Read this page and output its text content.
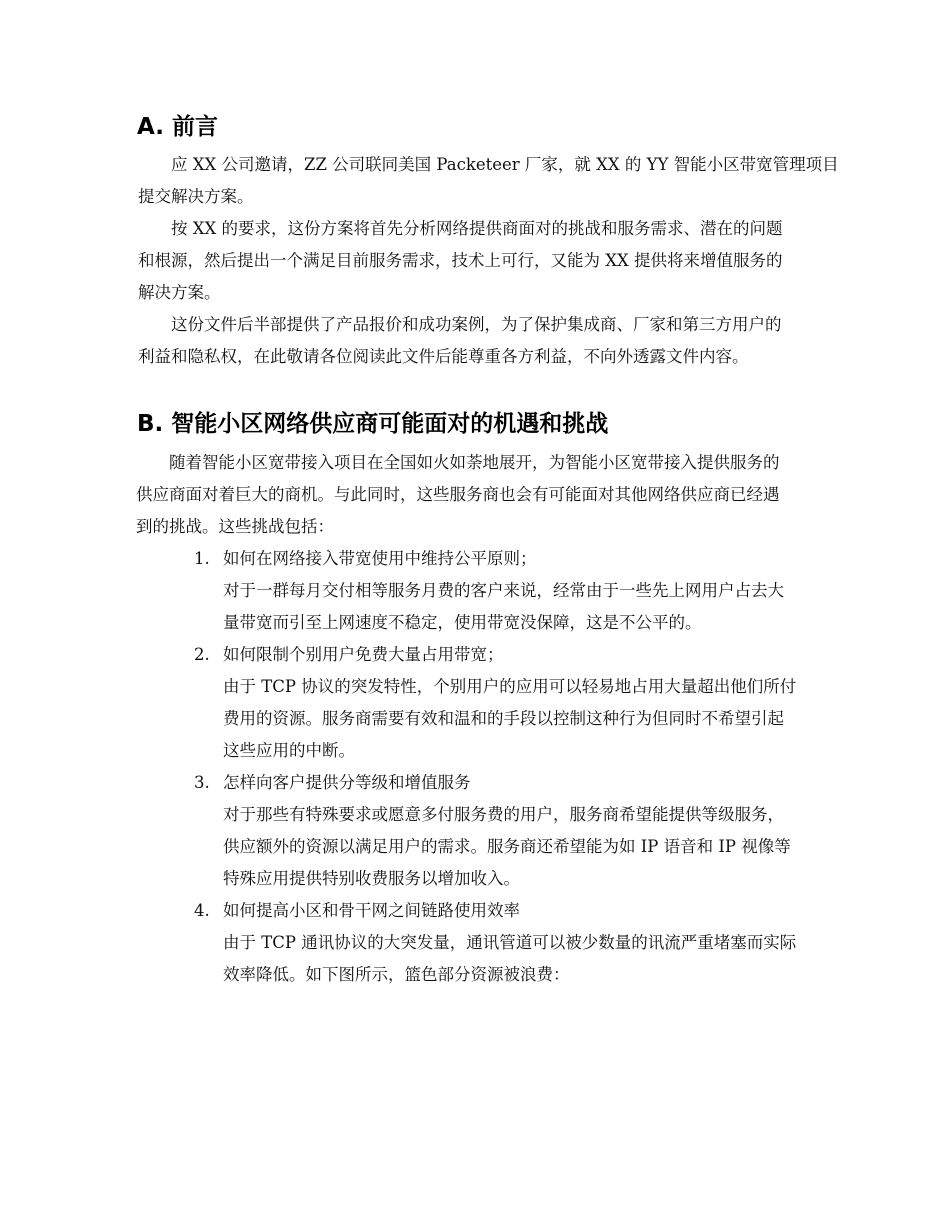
A. 前言
　　应 XX 公司邀请，ZZ 公司联同美国 Packeteer 厂家，就 XX 的 YY 智能小区带宽管理项目
提交解决方案。
　　按 XX 的要求，这份方案将首先分析网络提供商面对的挑战和服务需求、潜在的问题
和根源，然后提出一个满足目前服务需求，技术上可行，又能为 XX 提供将来增值服务的
解决方案。
　　这份文件后半部提供了产品报价和成功案例，为了保护集成商、厂家和第三方用户的
利益和隐私权，在此敬请各位阅读此文件后能尊重各方利益，不向外透露文件内容。
B. 智能小区网络供应商可能面对的机遇和挑战
　　随着智能小区宽带接入项目在全国如火如荼地展开，为智能小区宽带接入提供服务的
供应商面对着巨大的商机。与此同时，这些服务商也会有可能面对其他网络供应商已经遇
到的挑战。这些挑战包括：
1. 如何在网络接入带宽使用中维持公平原则；
对于一群每月交付相等服务月费的客户来说，经常由于一些先上网用户占去大
量带宽而引至上网速度不稳定，使用带宽没保障，这是不公平的。
2. 如何限制个别用户免费大量占用带宽；
由于 TCP 协议的突发特性，个别用户的应用可以轻易地占用大量超出他们所付
费用的资源。服务商需要有效和温和的手段以控制这种行为但同时不希望引起
这些应用的中断。
3. 怎样向客户提供分等级和增值服务
对于那些有特殊要求或愿意多付服务费的用户，服务商希望能提供等级服务，
供应额外的资源以满足用户的需求。服务商还希望能为如 IP 语音和 IP 视像等
特殊应用提供特别收费服务以增加收入。
4. 如何提高小区和骨干网之间链路使用效率
由于 TCP 通讯协议的大突发量，通讯管道可以被少数量的讯流严重堵塞而实际
效率降低。如下图所示，篮色部分资源被浪费：
